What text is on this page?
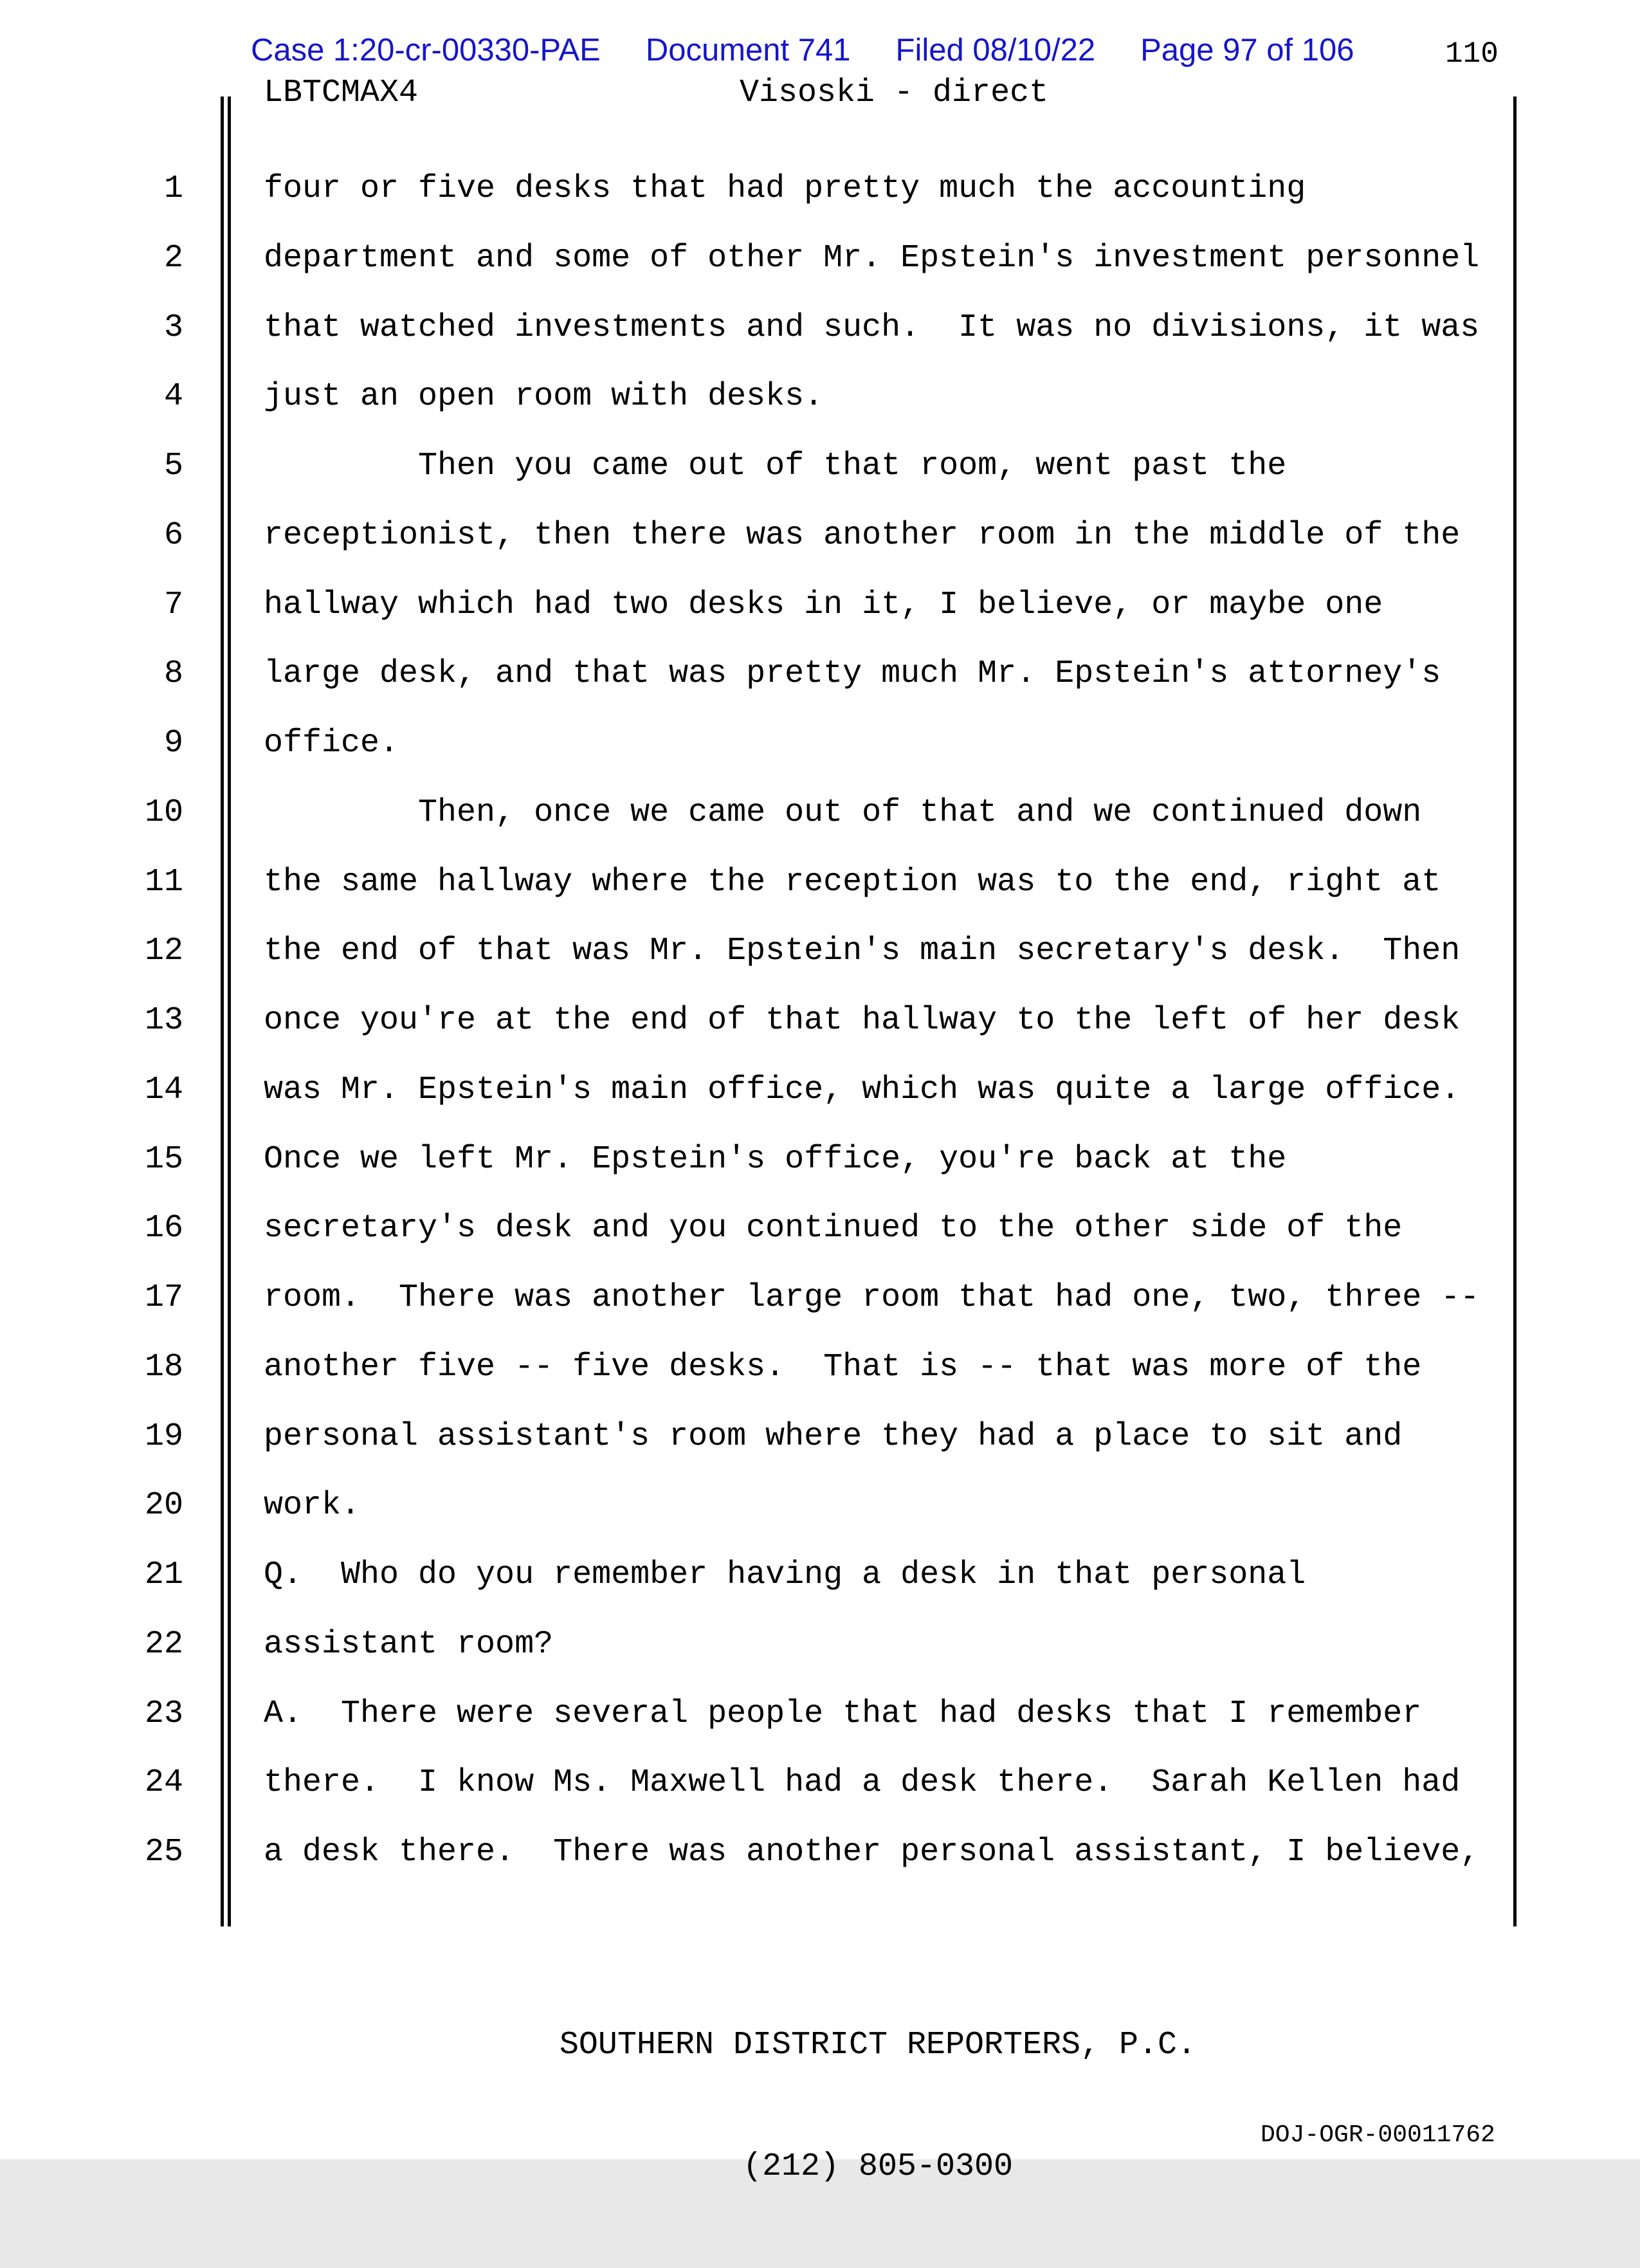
Case 1:20-cr-00330-PAE Document 741 Filed 08/10/22 Page 97 of 106	110
LBTCMAX4	Visoski - direct
1
2
3
4
5
6
7
8
9
10
11
12
13
14
15
16
17
18
19
20
21
22
23
24
25
four or five desks that had pretty much the accounting
department and some of other Mr. Epstein's investment personnel
that watched investments and such.  It was no divisions, it was
just an open room with desks.
Then you came out of that room, went past the
receptionist, then there was another room in the middle of the
hallway which had two desks in it, I believe, or maybe one
large desk, and that was pretty much Mr. Epstein's attorney's
office.
Then, once we came out of that and we continued down
the same hallway where the reception was to the end, right at
the end of that was Mr. Epstein's main secretary's desk.  Then
once you're at the end of that hallway to the left of her desk
was Mr. Epstein's main office, which was quite a large office.
Once we left Mr. Epstein's office, you're back at the
secretary's desk and you continued to the other side of the
room.  There was another large room that had one, two, three --
another five -- five desks.  That is -- that was more of the
personal assistant's room where they had a place to sit and
work.
Q.  Who do you remember having a desk in that personal
assistant room?
A.  There were several people that had desks that I remember
there.  I know Ms. Maxwell had a desk there.  Sarah Kellen had
a desk there.  There was another personal assistant, I believe,

SOUTHERN DISTRICT REPORTERS, P.C.

(212) 805-0300

DOJ-OGR-00011762
